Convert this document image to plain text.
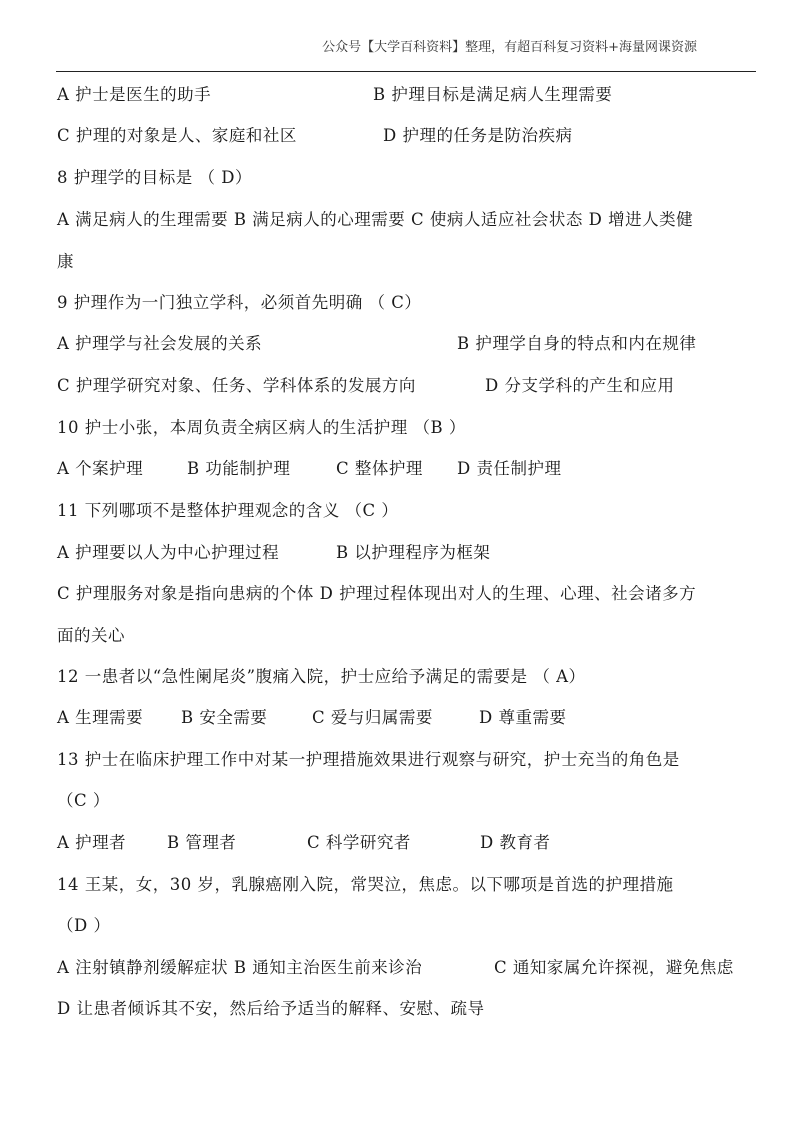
公众号【大学百科资料】整理，有超百科复习资料+海量网课资源
A 护士是医生的助手	B 护理目标是满足病人生理需要
C 护理的对象是人、家庭和社区	D 护理的任务是防治疾病
8 护理学的目标是 （ D）
A 满足病人的生理需要 B 满足病人的心理需要 C 使病人适应社会状态 D 增进人类健
康
9 护理作为一门独立学科，必须首先明确 （ C）
A 护理学与社会发展的关系	B 护理学自身的特点和内在规律
C 护理学研究对象、任务、学科体系的发展方向	D 分支学科的产生和应用
10 护士小张，本周负责全病区病人的生活护理 （B ）
A 个案护理	B 功能制护理	C 整体护理 D 责任制护理
11 下列哪项不是整体护理观念的含义 （C ）
A 护理要以人为中心护理过程	B 以护理程序为框架
C 护理服务对象是指向患病的个体 D 护理过程体现出对人的生理、心理、社会诸多方
面的关心
12 一患者以“急性阑尾炎”腹痛入院，护士应给予满足的需要是 （ A）
A 生理需要 B 安全需要	C 爱与归属需要	D 尊重需要
13 护士在临床护理工作中对某一护理措施效果进行观察与研究，护士充当的角色是
（C ）
A 护理者 B 管理者	C 科学研究者	D 教育者
14 王某，女，30 岁，乳腺癌刚入院，常哭泣，焦虑。以下哪项是首选的护理措施
（D ）
A 注射镇静剂缓解症状 B 通知主治医生前来诊治	C 通知家属允许探视，避免焦虑
D 让患者倾诉其不安，然后给予适当的解释、安慰、疏导
